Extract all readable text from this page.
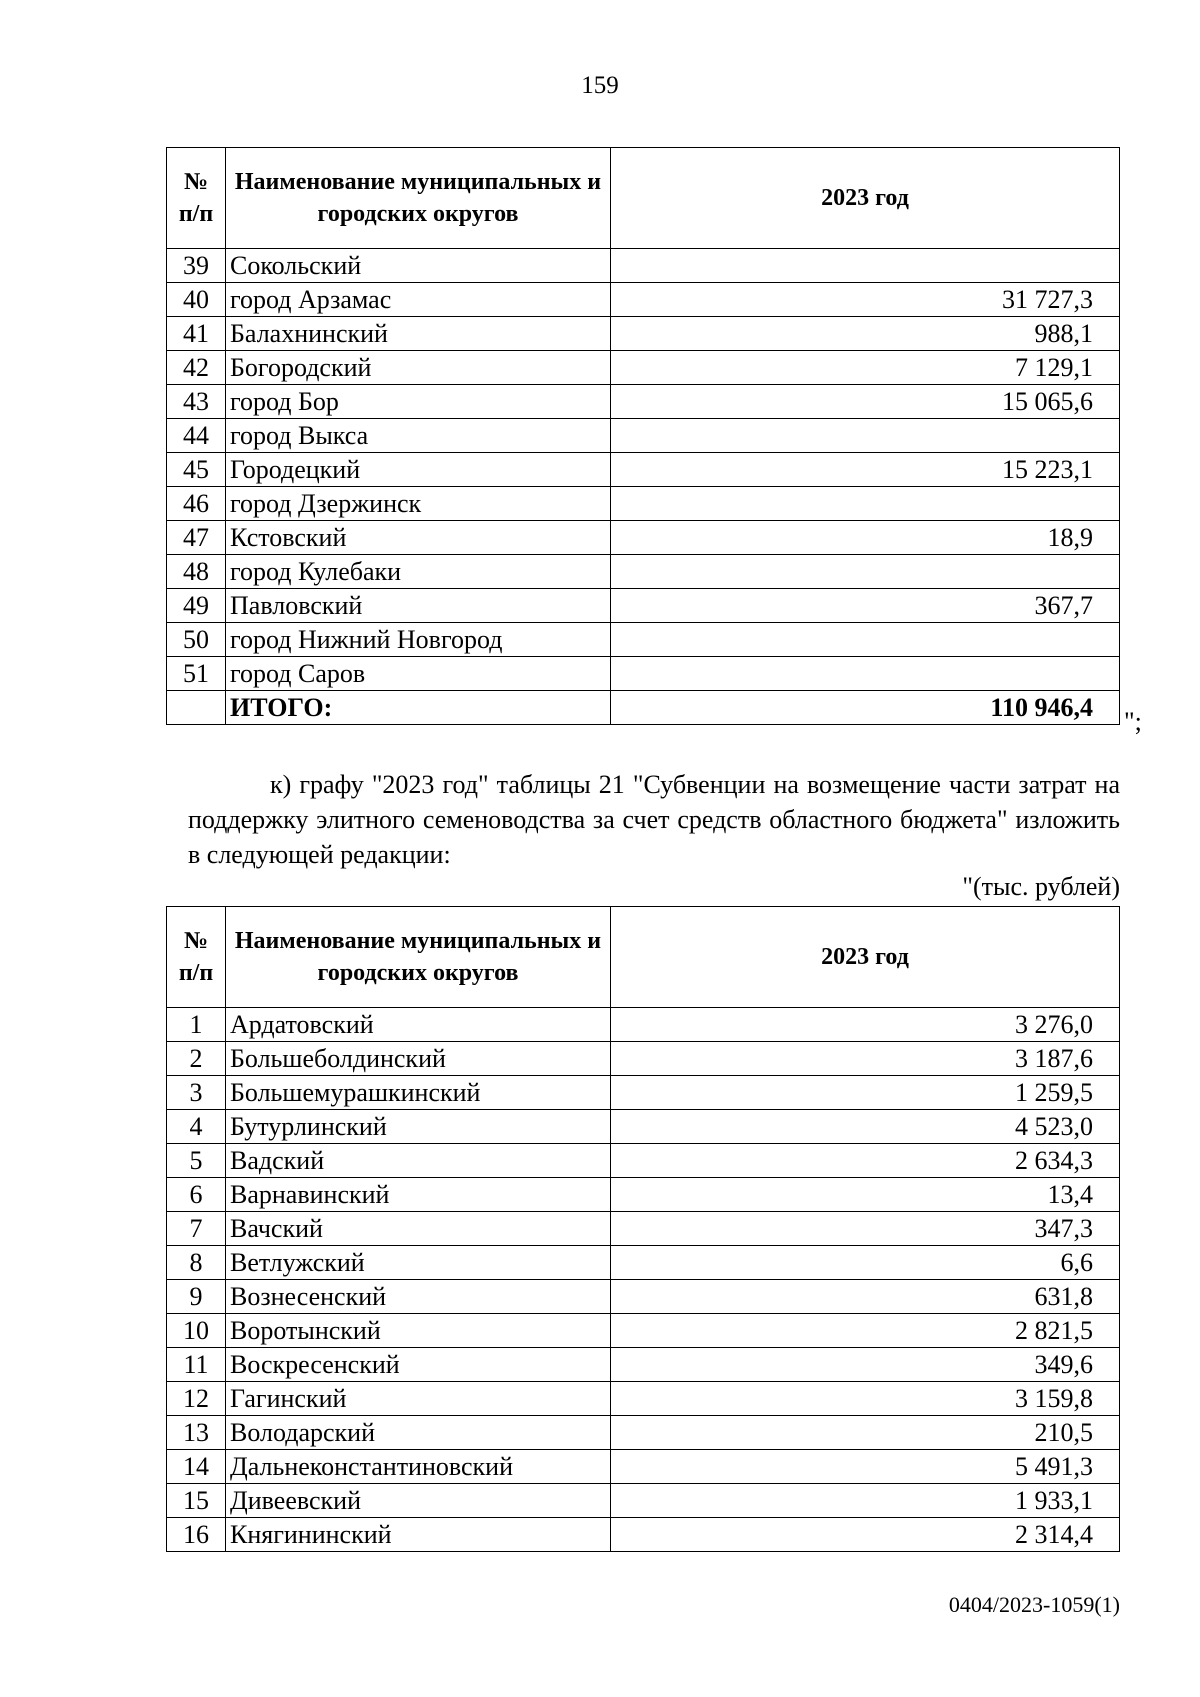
159
№ п/п	Наименование муниципальных и городских округов	2023 год
39	Сокольский	
40	город Арзамас	31 727,3
41	Балахнинский	988,1
42	Богородский	7 129,1
43	город Бор	15 065,6
44	город Выкса	
45	Городецкий	15 223,1
46	город Дзержинск	
47	Кстовский	18,9
48	город Кулебаки	
49	Павловский	367,7
50	город Нижний Новгород	
51	город Саров	
	ИТОГО:	110 946,4 ";

к) графу "2023 год" таблицы 21 "Субвенции на возмещение части затрат на поддержку элитного семеноводства за счет средств областного бюджета" изложить в следующей редакции:

"(тыс. рублей)
№ п/п	Наименование муниципальных и городских округов	2023 год
1	Ардатовский	3 276,0
2	Большеболдинский	3 187,6
3	Большемурашкинский	1 259,5
4	Бутурлинский	4 523,0
5	Вадский	2 634,3
6	Варнавинский	13,4
7	Вачский	347,3
8	Ветлужский	6,6
9	Вознесенский	631,8
10	Воротынский	2 821,5
11	Воскресенский	349,6
12	Гагинский	3 159,8
13	Володарский	210,5
14	Дальнеконстантиновский	5 491,3
15	Дивеевский	1 933,1
16	Княгининский	2 314,4
0404/2023-1059(1)
